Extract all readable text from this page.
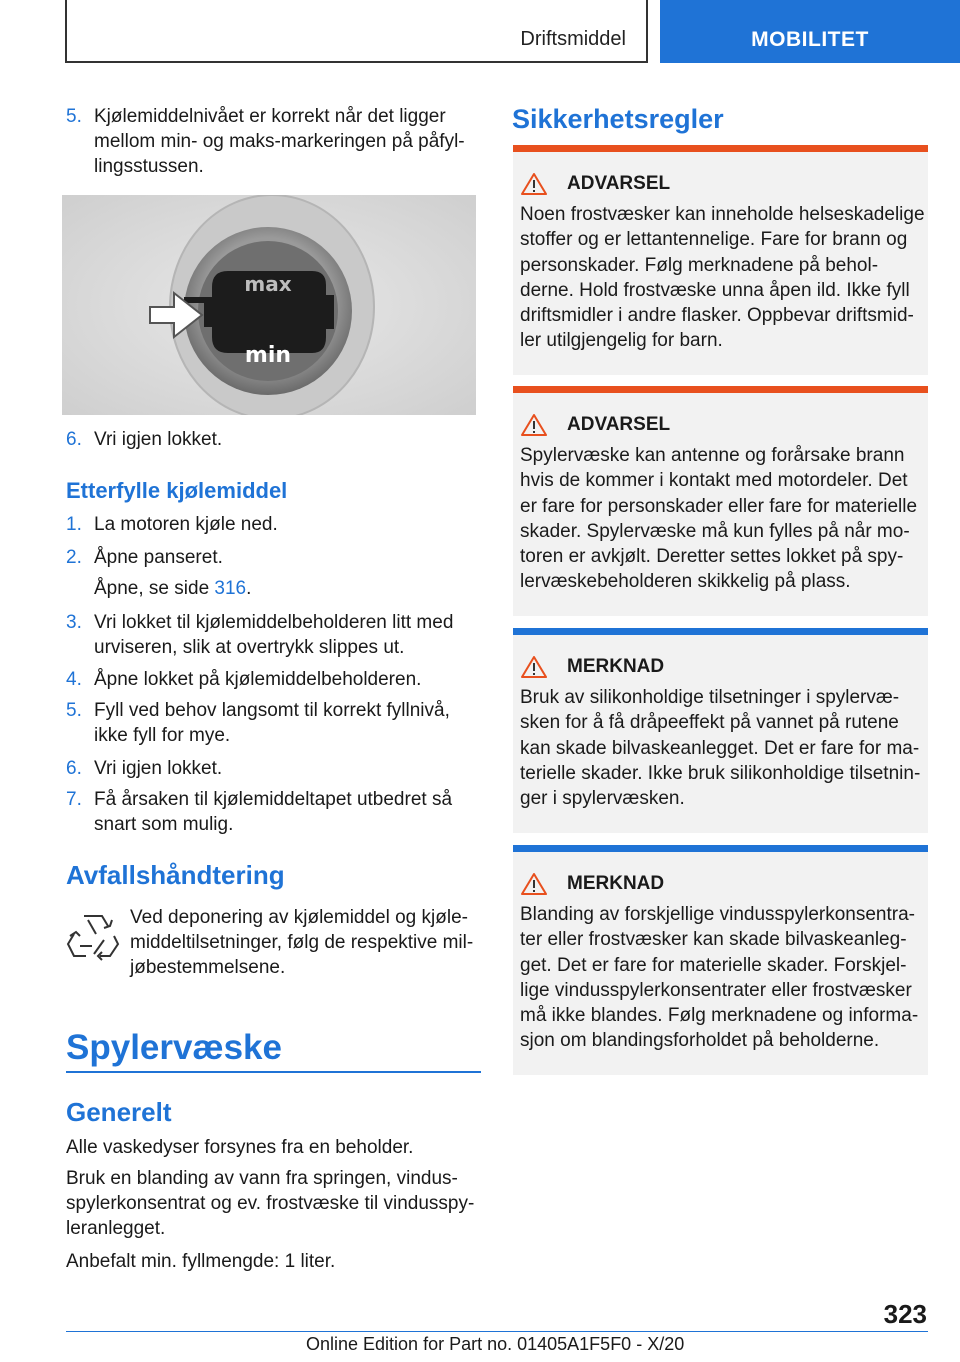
Driftsmiddel	MOBILITET
5. Kjølemiddelnivået er korrekt når det ligger mellom min- og maks-markeringen på påfyllingsstussen.
max
min
6. Vri igjen lokket.
Etterfylle kjølemiddel
1. La motoren kjøle ned.
2. Åpne panseret.
Åpne, se side 316.
3. Vri lokket til kjølemiddelbeholderen litt med urviseren, slik at overtrykk slippes ut.
4. Åpne lokket på kjølemiddelbeholderen.
5. Fyll ved behov langsomt til korrekt fyllnivå, ikke fyll for mye.
6. Vri igjen lokket.
7. Få årsaken til kjølemiddeltapet utbedret så snart som mulig.
Avfallshåndtering
Ved deponering av kjølemiddel og kjølemiddeltilsetninger, følg de respektive miljøbestemmelsene.
Spylervæske
Generelt
Alle vaskedyser forsynes fra en beholder.
Bruk en blanding av vann fra springen, vindusspylerkonsentrat og ev. frostvæske til vindusspyleranlegget.
Anbefalt min. fyllmengde: 1 liter.
Sikkerhetsregler
ADVARSEL
Noen frostvæsker kan inneholde helseskadelige stoffer og er lettantennelige. Fare for brann og personskader. Følg merknadene på beholderne. Hold frostvæske unna åpen ild. Ikke fyll driftsmidler i andre flasker. Oppbevar driftsmidler utilgjengelig for barn.
ADVARSEL
Spylervæske kan antenne og forårsake brann hvis de kommer i kontakt med motordeler. Det er fare for personskader eller fare for materielle skader. Spylervæske må kun fylles på når motoren er avkjølt. Deretter settes lokket på spylervæskebeholderen skikkelig på plass.
MERKNAD
Bruk av silikonholdige tilsetninger i spylervæsken for å få dråpeeffekt på vannet på rutene kan skade bilvaskeanlegget. Det er fare for materielle skader. Ikke bruk silikonholdige tilsetninger i spylervæsken.
MERKNAD
Blanding av forskjellige vindusspylerkonsentrater eller frostvæsker kan skade bilvaskeanlegget. Det er fare for materielle skader. Forskjellige vindusspylerkonsentrater eller frostvæsker må ikke blandes. Følg merknadene og informasjon om blandingsforholdet på beholderne.
323
Online Edition for Part no. 01405A1F5F0 - X/20
